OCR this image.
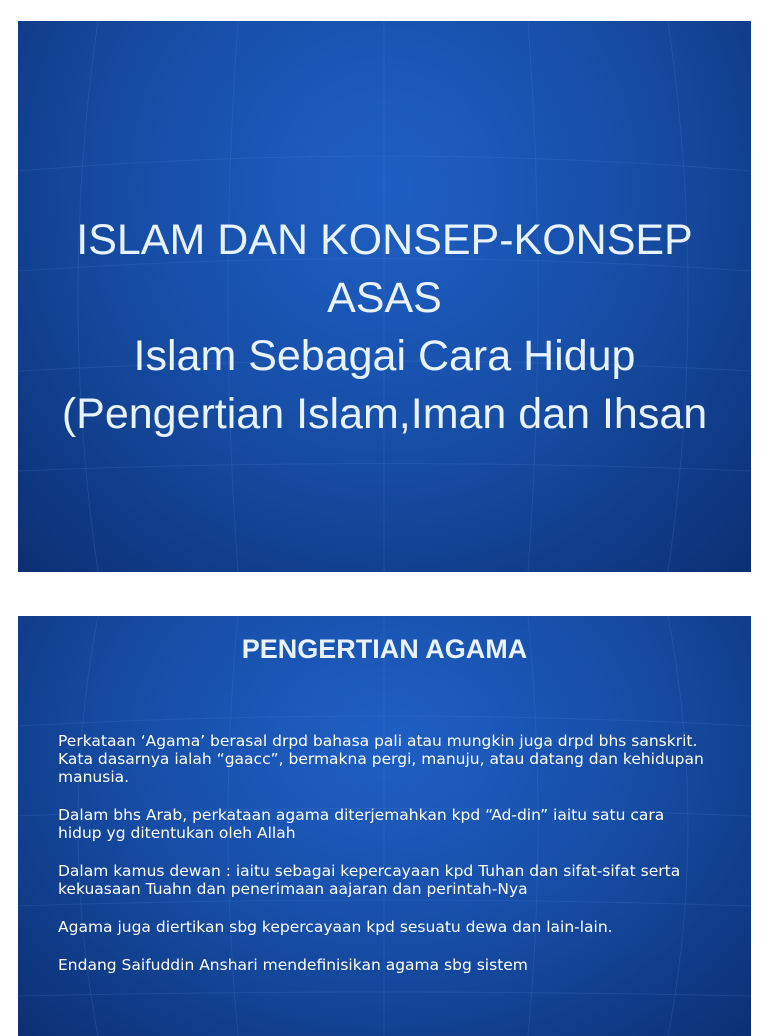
ISLAM DAN KONSEP-KONSEP
ASAS
Islam Sebagai Cara Hidup
(Pengertian Islam,Iman dan Ihsan
PENGERTIAN AGAMA

Perkataan ‘Agama’ berasal drpd bahasa pali atau mungkin juga drpd bhs sanskrit. Kata dasarnya ialah “gaacc”, bermakna pergi, manuju, atau datang dan kehidupan manusia.

Dalam bhs Arab, perkataan agama diterjemahkan kpd “Ad-din” iaitu satu cara hidup yg ditentukan oleh Allah

Dalam kamus dewan : iaitu sebagai kepercayaan kpd Tuhan dan sifat-sifat serta kekuasaan Tuahn dan penerimaan aajaran dan perintah-Nya

Agama juga diertikan sbg kepercayaan kpd sesuatu dewa dan lain-lain.

Endang Saifuddin Anshari mendefinisikan agama sbg sistem
